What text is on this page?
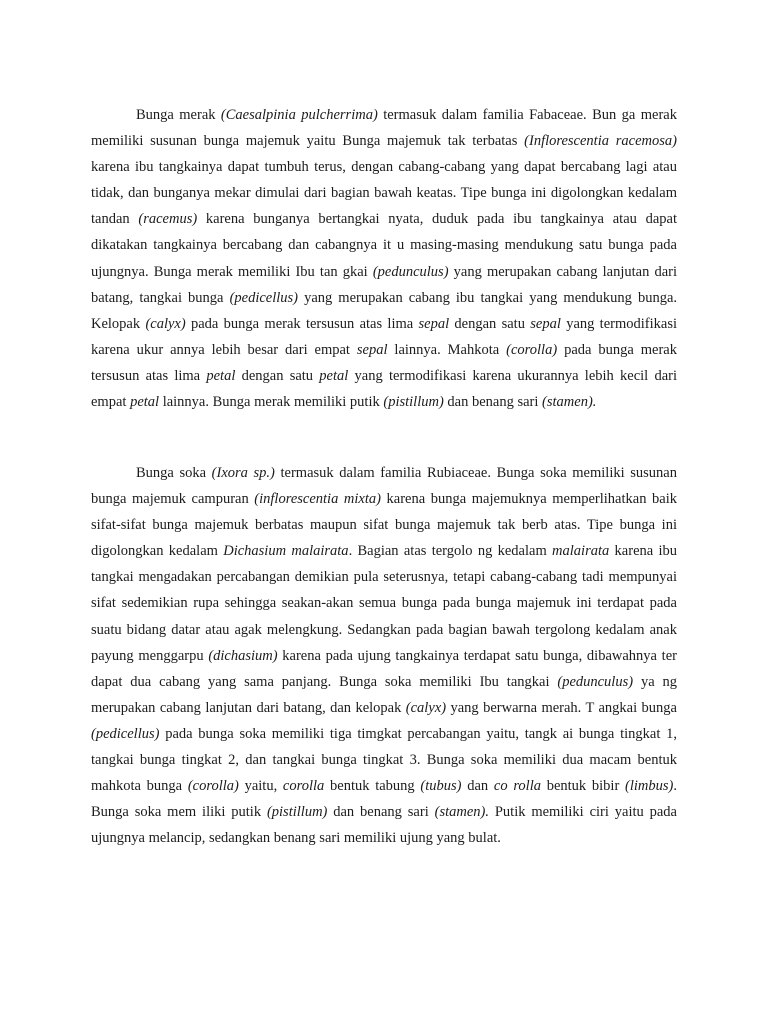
Bunga merak (Caesalpinia pulcherrima) termasuk dalam familia Fabaceae. Bun ga merak memiliki susunan bunga majemuk yaitu Bunga majemuk tak terbatas (Inflorescentia racemosa) karena ibu tangkainya dapat tumbuh terus, dengan cabang-cabang yang dapat bercabang lagi atau tidak, dan bunganya mekar dimulai dari bagian bawah keatas. Tipe bunga ini digolongkan kedalam tandan (racemus) karena bunganya bertangkai nyata, duduk pada ibu tangkainya atau dapat dikatakan tangkainya bercabang dan cabangnya it u masing-masing mendukung satu bunga pada ujungnya. Bunga merak memiliki Ibu tan gkai (pedunculus) yang merupakan cabang lanjutan dari batang, tangkai bunga (pedicellus) yang merupakan cabang ibu tangkai yang mendukung bunga. Kelopak (calyx) pada bunga merak tersusun atas lima sepal dengan satu sepal yang termodifikasi karena ukur annya lebih besar dari empat sepal lainnya. Mahkota (corolla) pada bunga merak tersusun atas lima petal dengan satu petal yang termodifikasi karena ukurannya lebih kecil dari empat petal lainnya. Bunga merak memiliki putik (pistillum) dan benang sari (stamen).

Bunga soka (Ixora sp.) termasuk dalam familia Rubiaceae. Bunga soka memiliki susunan bunga majemuk campuran (inflorescentia mixta) karena bunga majemuknya memperlihatkan baik sifat-sifat bunga majemuk berbatas maupun sifat bunga majemuk tak berb atas. Tipe bunga ini digolongkan kedalam Dichasium malairata. Bagian atas tergolo ng kedalam malairata karena ibu tangkai mengadakan percabangan demikian pula seterusnya, tetapi cabang-cabang tadi mempunyai sifat sedemikian rupa sehingga seakan-akan semua bunga pada bunga majemuk ini terdapat pada suatu bidang datar atau agak melengkung. Sedangkan pada bagian bawah tergolong kedalam anak payung menggarpu (dichasium) karena pada ujung tangkainya terdapat satu bunga, dibawahnya ter dapat dua cabang yang sama panjang. Bunga soka memiliki Ibu tangkai (pedunculus) ya ng merupakan cabang lanjutan dari batang, dan kelopak (calyx) yang berwarna merah. T angkai bunga (pedicellus) pada bunga soka memiliki tiga timgkat percabangan yaitu, tangk ai bunga tingkat 1, tangkai bunga tingkat 2, dan tangkai bunga tingkat 3. Bunga soka memiliki dua macam bentuk mahkota bunga (corolla) yaitu, corolla bentuk tabung (tubus) dan co rolla bentuk bibir (limbus). Bunga soka mem iliki putik (pistillum) dan benang sari (stamen). Putik memiliki ciri yaitu pada ujungnya melancip, sedangkan benang sari memiliki ujung yang bulat.
